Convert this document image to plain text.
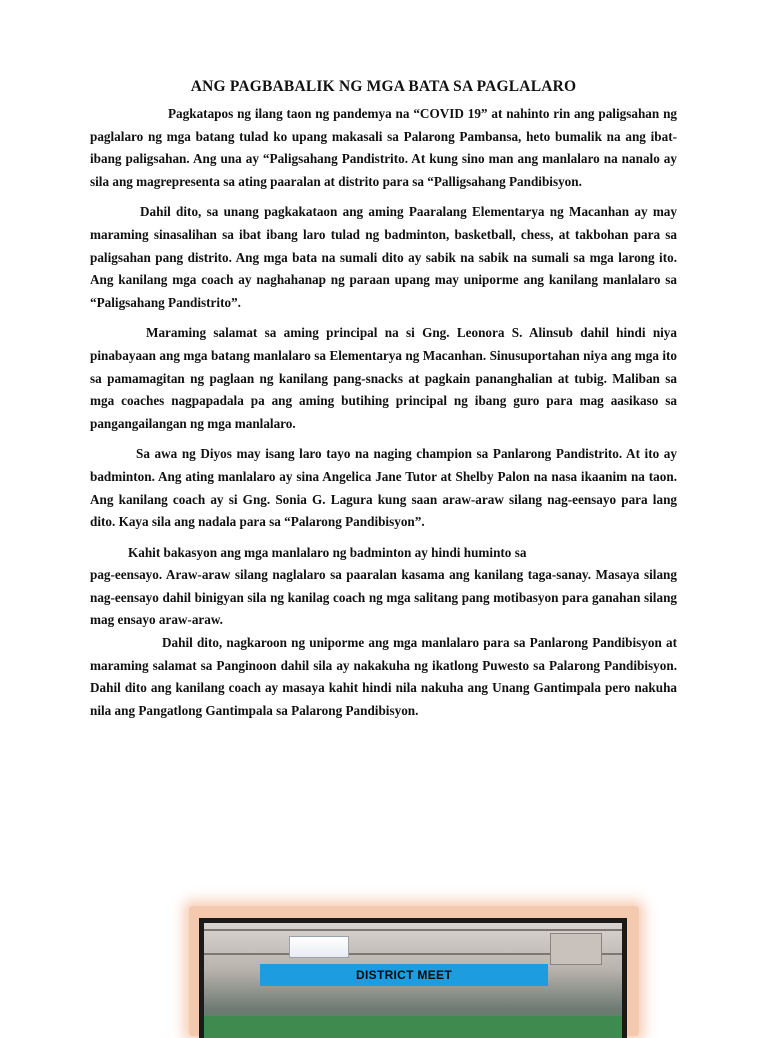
ANG PAGBABALIK NG MGA BATA SA PAGLALARO

Pagkatapos ng ilang taon ng pandemya na “COVID 19” at nahinto rin ang paligsahan ng paglalaro ng mga batang tulad ko upang makasali sa Palarong Pambansa, heto bumalik na ang ibat-ibang paligsahan. Ang una ay “Paligsahang Pandistrito. At kung sino man ang manlalaro na nanalo ay sila ang magrepresenta sa ating paaralan at distrito para sa “Palligsahang Pandibisyon.

Dahil dito, sa unang pagkakataon ang aming Paaralang Elementarya ng Macanhan ay may maraming sinasalihan sa ibat ibang laro tulad ng badminton, basketball, chess, at takbohan para sa paligsahan pang distrito. Ang mga bata na sumali dito ay sabik na sabik na sumali sa mga larong ito. Ang kanilang mga coach ay naghahanap ng paraan upang may uniporme ang kanilang manlalaro sa “Paligsahang Pandistrito”.

Maraming salamat sa aming principal na si Gng. Leonora S. Alinsub dahil hindi niya pinabayaan ang mga batang manlalaro sa Elementarya ng Macanhan. Sinusuportahan niya ang mga ito sa pamamagitan ng paglaan ng kanilang pang-snacks at pagkain pananghalian at tubig. Maliban sa mga coaches nagpapadala pa ang aming butihing principal ng ibang guro para mag aasikaso sa pangangailangan ng mga manlalaro.

Sa awa ng Diyos may isang laro tayo na naging champion sa Panlarong Pandistrito. At ito ay badminton. Ang ating manlalaro ay sina Angelica Jane Tutor at Shelby Palon na nasa ikaanim na taon. Ang kanilang coach ay si Gng. Sonia G. Lagura kung saan araw-araw silang nag-eensayo para lang dito. Kaya sila ang nadala para sa “Palarong Pandibisyon”.

Kahit bakasyon ang mga manlalaro ng badminton ay hindi huminto sa
pag-eensayo. Araw-araw silang naglalaro sa paaralan kasama ang kanilang taga-sanay. Masaya silang nag-eensayo dahil binigyan sila ng kanilag coach ng mga salitang pang motibasyon para ganahan silang mag ensayo araw-araw.

Dahil dito, nagkaroon ng uniporme ang mga manlalaro para sa Panlarong Pandibisyon at maraming salamat sa Panginoon dahil sila ay nakakuha ng ikatlong Puwesto sa Palarong Pandibisyon. Dahil dito ang kanilang coach ay masaya kahit hindi nila nakuha ang Unang Gantimpala pero nakuha nila ang Pangatlong Gantimpala sa Palarong Pandibisyon.

DISTRICT MEET
